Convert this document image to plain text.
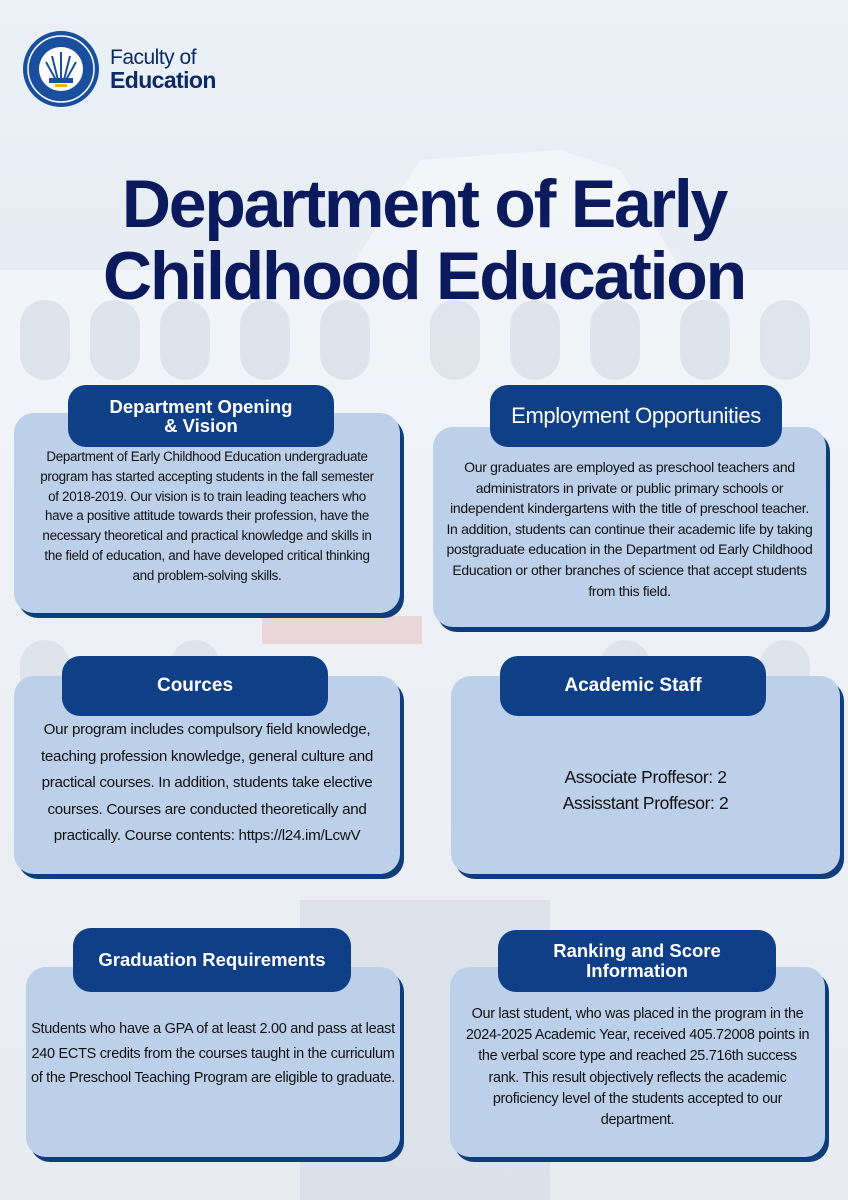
Faculty of
Education
Department of Early
Childhood Education
Department of Early Childhood Education undergraduate program has started accepting students in the fall semester of 2018-2019. Our vision is to train leading teachers who have a positive attitude towards their profession, have the necessary theoretical and practical knowledge and skills in the field of education, and have developed critical thinking and problem-solving skills.
Department Opening
& Vision
Our graduates are employed as preschool teachers and administrators in private or public primary schools or independent kindergartens with the title of preschool teacher. In addition, students can continue their academic life by taking postgraduate education in the Department od Early Childhood Education or other branches of science that accept students from this field.
Employment Opportunities
Our program includes compulsory field knowledge, teaching profession knowledge, general culture and practical courses. In addition, students take elective courses. Courses are conducted theoretically and practically. Course contents: https://l24.im/LcwV
Cources
Associate Proffesor: 2
Assisstant Proffesor: 2
Academic Staff
Students who have a GPA of at least 2.00 and pass at least 240 ECTS credits from the courses taught in the curriculum of the Preschool Teaching Program are eligible to graduate.
Graduation Requirements
Our last student, who was placed in the program in the 2024-2025 Academic Year, received 405.72008 points in the verbal score type and reached 25.716th success rank. This result objectively reflects the academic proficiency level of the students accepted to our department.
Ranking and Score
Information
